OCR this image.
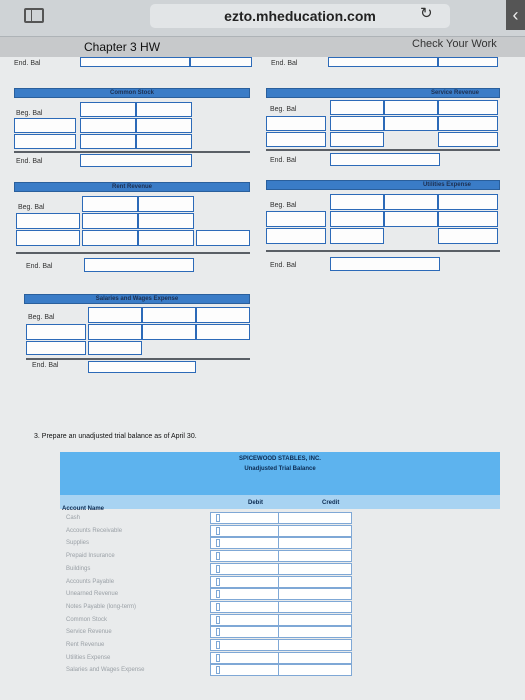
ezto.mheducation.com	↻	‹
Chapter 3 HW	Check Your Work
End. Bal	End. Bal
Common Stock
Beg. Bal
End. Bal
Service Revenue
Beg. Bal
End. Bal
Rent Revenue
Beg. Bal
End. Bal
Utilities Expense
Beg. Bal
End. Bal
Salaries and Wages Expense
Beg. Bal
End. Bal
3. Prepare an unadjusted trial balance as of April 30.
SPICEWOOD STABLES, INC.
Unadjusted Trial Balance
Account Name
Debit	Credit
Cash
Accounts Receivable
Supplies
Prepaid Insurance
Buildings
Accounts Payable
Unearned Revenue
Notes Payable (long-term)
Common Stock
Service Revenue
Rent Revenue
Utilities Expense
Salaries and Wages Expense
